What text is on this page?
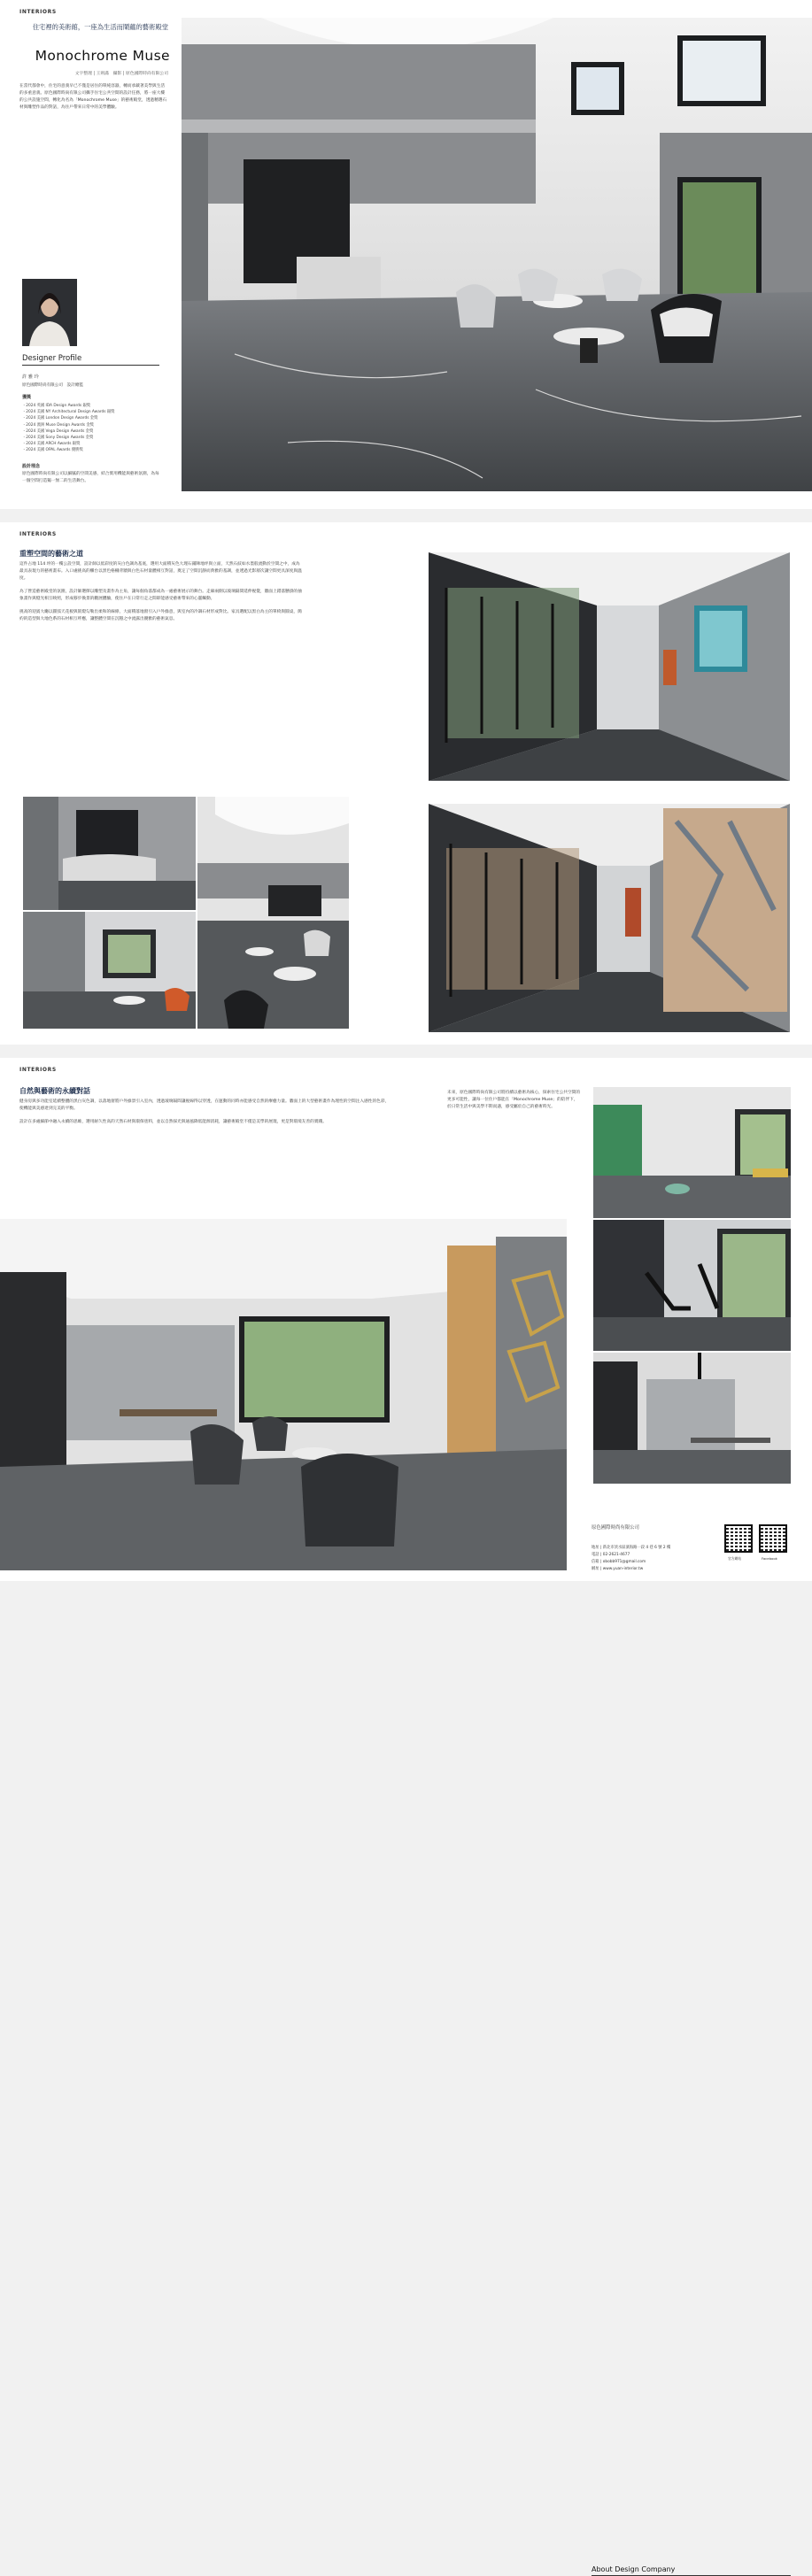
INTERIORS
住宅裡的美術館，一座為生活而鬧蘊的藝術殿堂
Monochrome Muse
文字整理 | 王則滿　攝影 | 原色國際時尚有限公司

在當代都會中，住宅的意義早已不僅是居住的單純容器，轉而承載著美學與生活的多重意義。原色國際時尚有限公司攜手住宅公共空間的設計任務，將一座大樓的公共設施空間，轉化為名為「Monochrome Muse」的藝術殿堂，透過精選石材與雕塑作品的對話，為住戶帶來日常中的美學體驗。

Designer Profile
許 雅 玲
原色國際時尚有限公司　設計總監
獲獎
・2024 英國 IDA Design Awards 銀獎
・2024 美國 NY Architectural Design Awards 銀獎
・2024 美國 London Design Awards 金獎
・2024 澳洲 Muse Design Awards 金獎
・2024 美國 Vega Design Awards 金獎
・2024 美國 Sony Design Awards 金獎
・2024 美國 ARCH Awards 銀獎
・2024 美國 OPAL Awards 優勝獎
設計理念

原色國際時尚有限公司以細膩的空間美感，結合實用機能與藝術氛圍，為每一個空間打造獨一無二的生活舞台。

INTERIORS
重塑空間的藝術之道

這件占地 114 坪的一樓公設空間，設計師以低彩度的灰白色調為基底，選用大面積灰色大理石鋪陳地坪與立面，天然石紋如水墨般流動於空間之中，成為最具表現力的藝術畫布。入口處挑高的櫃台以黑色格柵背牆與白色石材量體相互對話，奠定了空間沉靜而典雅的基調，並透過光影層次讓空間更具深度與溫度。

為了營造藝術殿堂的氛圍，設計師選擇以雕塑及畫作為主角，讓每個角落都成為一處藝術展示的舞台。走廊兩側以玻璃隔間延伸視覺，牆面上錯落懸掛的抽象畫作與燈光相互映照，形成移步換景的觀展體驗，使住戶在日常行走之間即能感受藝術帶來的心靈觸動。

挑高的迎賓大廳以圓弧天花板與嵌燈勾勒出柔和的線條，大面積落地窗引入戶外綠意，與室內的冷調石材形成對比。家具選配以黑白為主的單椅與圓桌，簡約的造型與大地色系的石材相互呼應，讓整體空間在沉穩之中流露出優雅的藝術氣息。

INTERIORS
自然與藝術的永續對話

健身房與多功能室延續整體的黑白灰色調，以落地窗將戶外綠景引入室內，透過玻璃隔間讓視線得以穿透，在運動的同時亦能感受自然的療癒力量。牆面上的大型藝術畫作為理性的空間注入感性的色彩，使機能與美感達到完美的平衡。

設計在多處細節中融入永續的思維，選用耐久性高的天然石材與環保塗料，並以自然採光與通風降低能源消耗，讓藝術殿堂不僅是美學的展現，更是對環境友善的實踐。

未來，原色國際時尚有限公司將持續以藝術為核心，探索住宅公共空間的更多可能性，讓每一位住戶都能在「Monochrome Muse」的陪伴下，於日常生活中與美學不期而遇，感受屬於自己的藝術時光。

About Design Company
原色國際時尚有限公司
地址 | 新北市淡水區濱海路一段 4 巷 6 號 2 樓
電話 | 02-2621-4677
信箱 | obobb971@gmail.com
網址 | www.yuan-interior.tw
官方網站	Facebook
